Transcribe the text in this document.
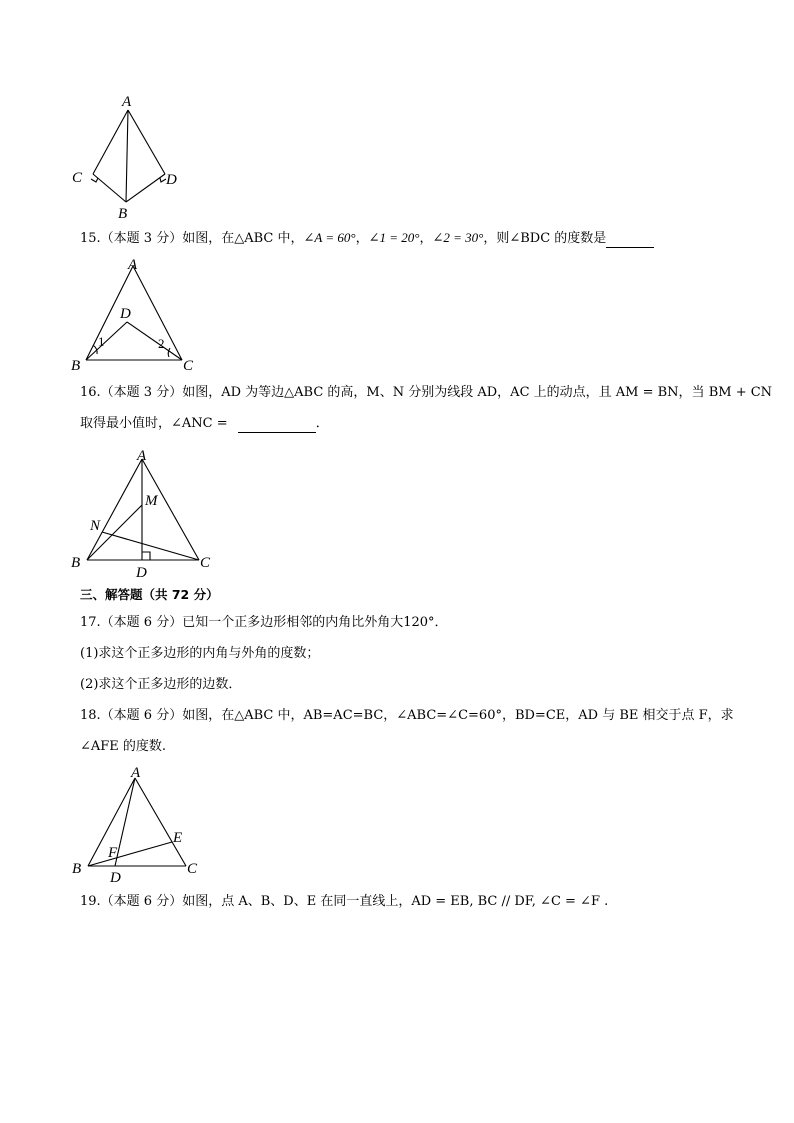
A
C	D
B
15.（本题 3 分）如图，在△ABC 中，∠A = 60°，∠1 = 20°，∠2 = 30°，则∠BDC 的度数是
A
D
1	2
B	C
16.（本题 3 分）如图，AD 为等边△ABC 的高，M、N 分别为线段 AD，AC 上的动点，且 AM = BN，当 BM + CN
取得最小值时，∠ANC =	．
A
M
N
B	C
D
三、解答题（共 72 分）
17.（本题 6 分）已知一个正多边形相邻的内角比外角大120°．
(1)求这个正多边形的内角与外角的度数；
(2)求这个正多边形的边数．
18.（本题 6 分）如图，在△ABC 中，AB=AC=BC，∠ABC=∠C=60°，BD=CE，AD 与 BE 相交于点 F，求
∠AFE 的度数.
A
E
F
B	C
D
19.（本题 6 分）如图，点 A、B、D、E 在同一直线上，AD = EB, BC // DF, ∠C = ∠F .
